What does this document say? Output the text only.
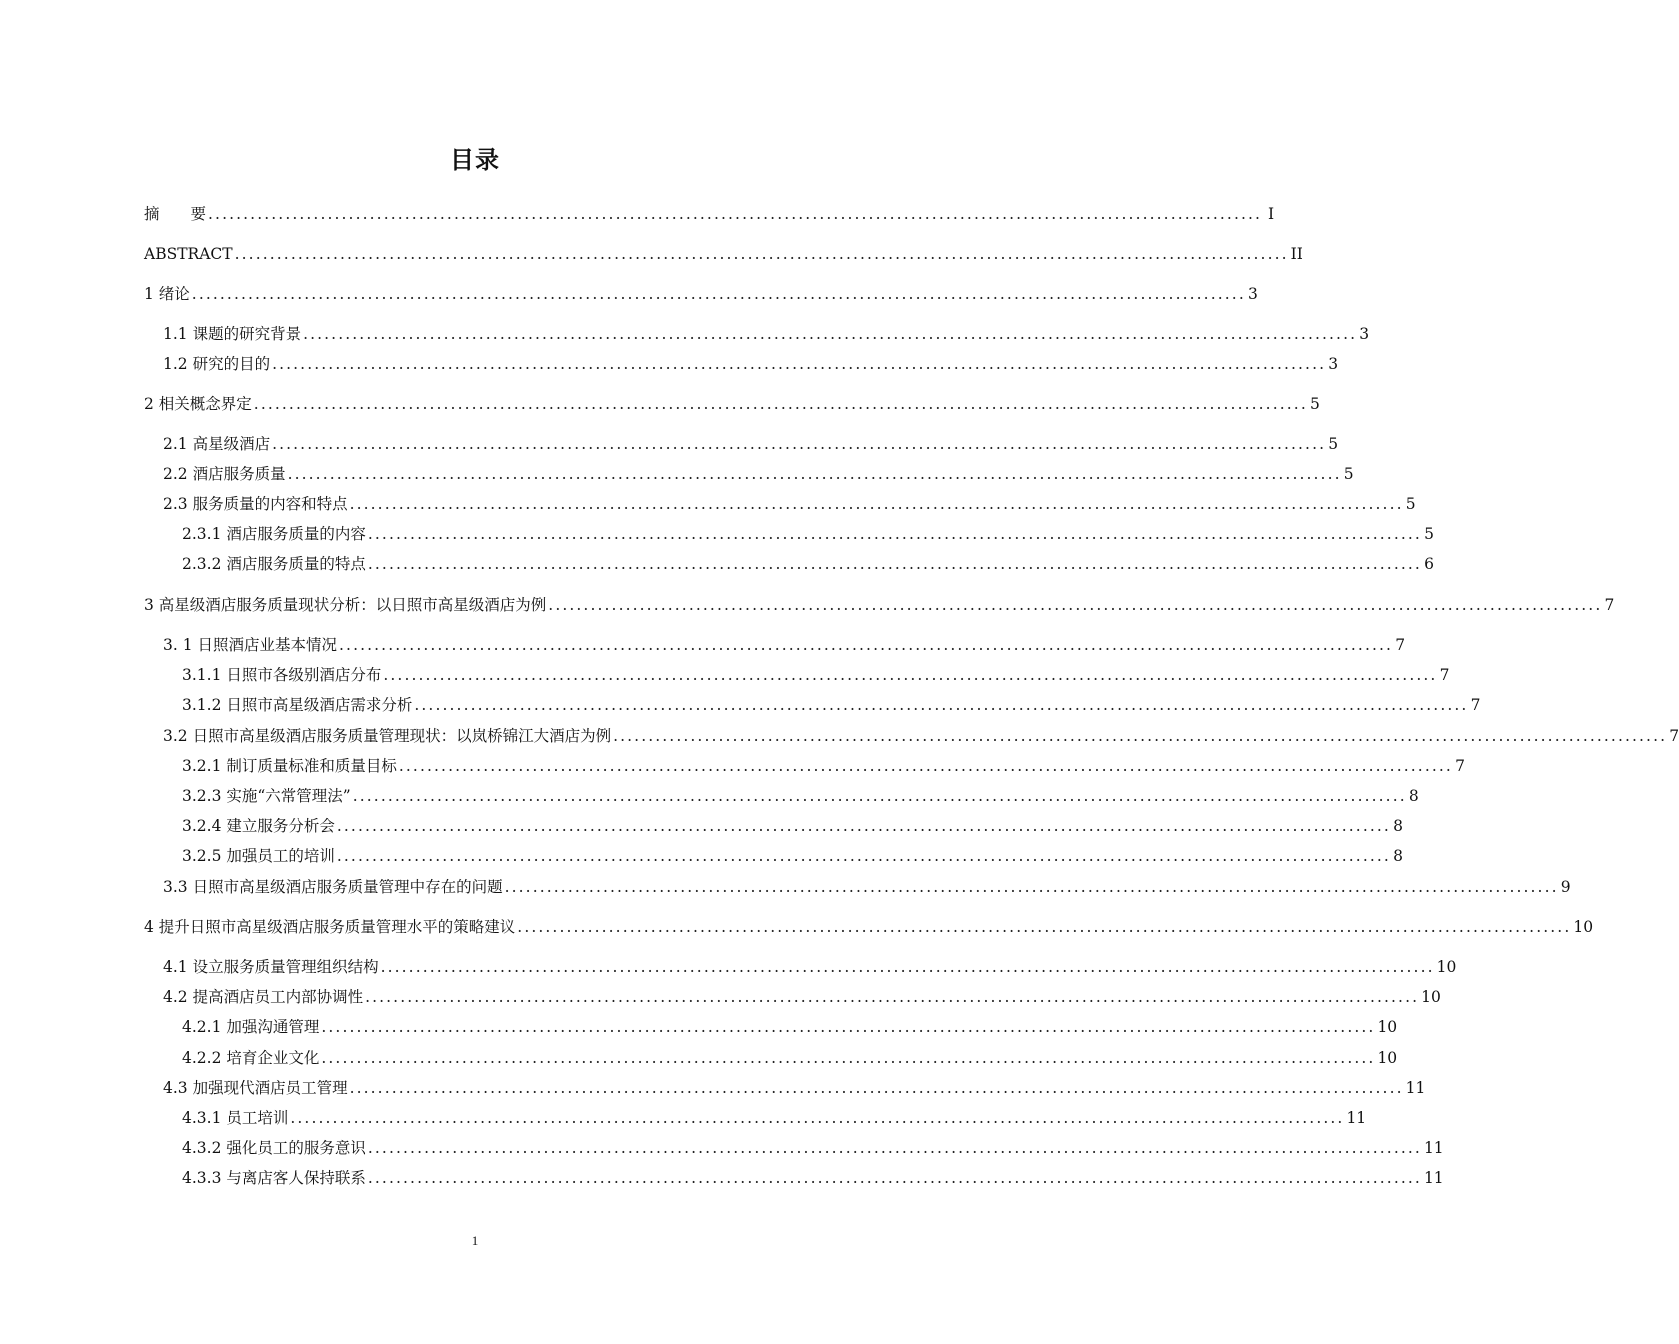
目录
摘　　要 ...................................................................................................................................................... I
ABSTRACT ...................................................................................................................................................... II
1 绪论 ...................................................................................................................................................... 3
1.1 课题的研究背景 ...................................................................................................................................................... 3
1.2 研究的目的 ...................................................................................................................................................... 3
2 相关概念界定 ...................................................................................................................................................... 5
2.1 高星级酒店 ...................................................................................................................................................... 5
2.2 酒店服务质量 ...................................................................................................................................................... 5
2.3 服务质量的内容和特点 ...................................................................................................................................................... 5
2.3.1 酒店服务质量的内容 ...................................................................................................................................................... 5
2.3.2 酒店服务质量的特点 ...................................................................................................................................................... 6
3 高星级酒店服务质量现状分析：以日照市高星级酒店为例 ...................................................................................................................................................... 7
3. 1 日照酒店业基本情况 ...................................................................................................................................................... 7
3.1.1 日照市各级别酒店分布 ...................................................................................................................................................... 7
3.1.2 日照市高星级酒店需求分析 ...................................................................................................................................................... 7
3.2 日照市高星级酒店服务质量管理现状：以岚桥锦江大酒店为例 ...................................................................................................................................................... 7
3.2.1 制订质量标准和质量目标 ...................................................................................................................................................... 7
3.2.3 实施“六常管理法” ...................................................................................................................................................... 8
3.2.4 建立服务分析会 ...................................................................................................................................................... 8
3.2.5 加强员工的培训 ...................................................................................................................................................... 8
3.3 日照市高星级酒店服务质量管理中存在的问题 ...................................................................................................................................................... 9
4 提升日照市高星级酒店服务质量管理水平的策略建议 ...................................................................................................................................................... 10
4.1 设立服务质量管理组织结构 ...................................................................................................................................................... 10
4.2 提高酒店员工内部协调性 ...................................................................................................................................................... 10
4.2.1 加强沟通管理 ...................................................................................................................................................... 10
4.2.2 培育企业文化 ...................................................................................................................................................... 10
4.3 加强现代酒店员工管理 ...................................................................................................................................................... 11
4.3.1 员工培训 ...................................................................................................................................................... 11
4.3.2 强化员工的服务意识 ...................................................................................................................................................... 11
4.3.3 与离店客人保持联系 ...................................................................................................................................................... 11
1
